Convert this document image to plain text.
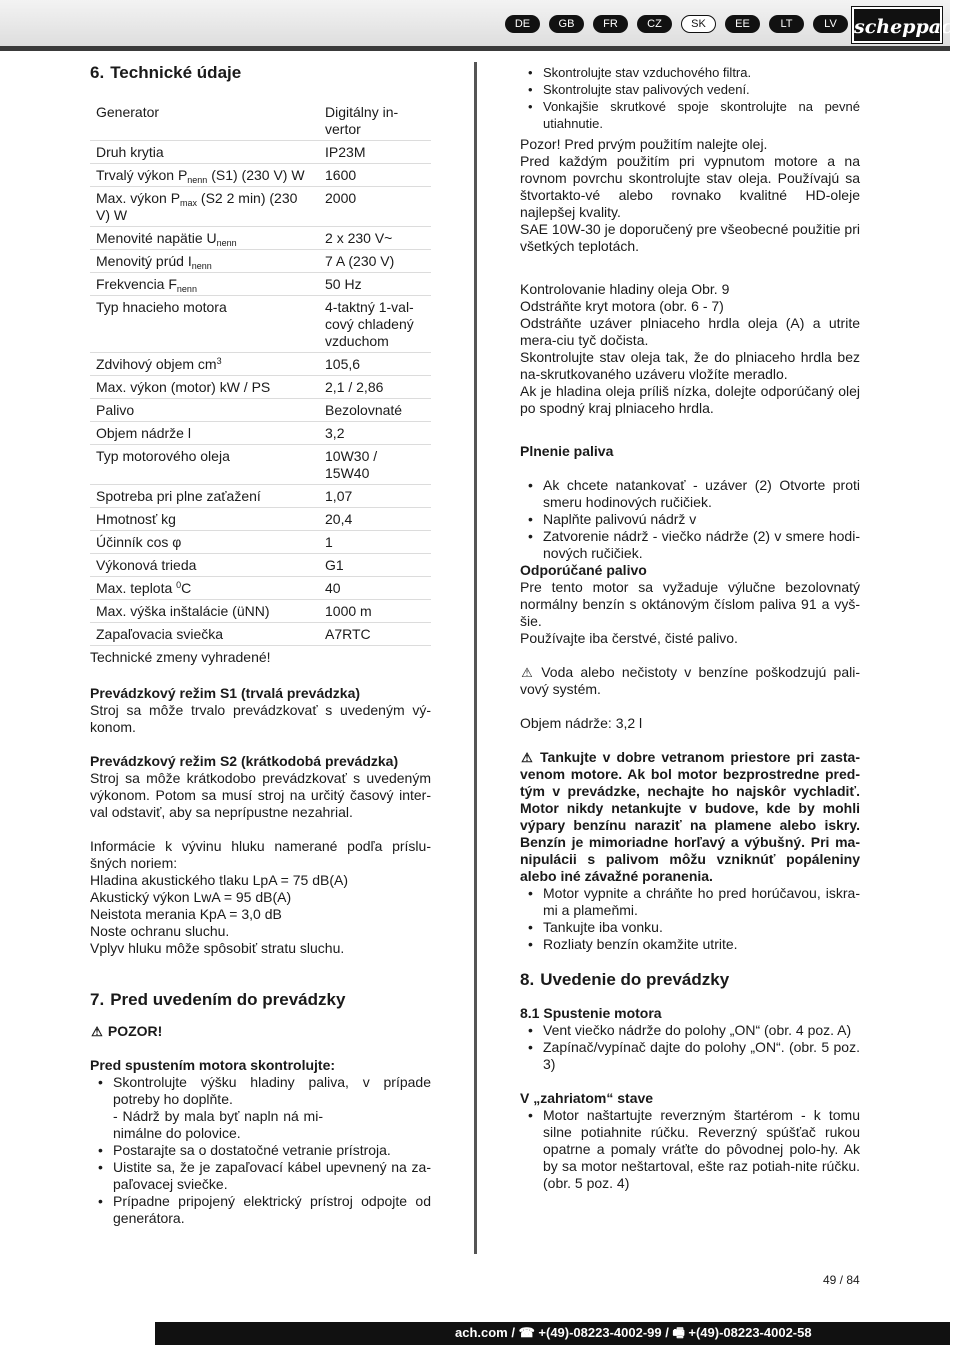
DE	GB	FR	CZ	SK	EE	LT	LV scheppach
6. Technické údaje
Generator	Digitálny in-vertor
Druh krytia	IP23M
Trvalý výkon $P_{nenn}$ (S1) (230 V) W	1600
Max. výkon $P_{max}$ (S2 2 min) (230 V) W	2000
Menovité napätie $U_{nenn}$	2 x 230 V~
Menovitý prúd $I_{nenn}$	7 A (230 V)
Frekvencia $F_{nenn}$	50 Hz
Typ hnacieho motora	4-taktný 1-val-cový chladený vzduchom
Zdvihový objem $cm^3$	105,6
Max. výkon (motor) kW / PS	2,1 / 2,86
Palivo	Bezolovnaté
Objem nádrže l	3,2
Typ motorového oleja	10W30 / 15W40
Spotreba pri plne zaťažení	1,07
Hmotnosť kg	20,4
Účinník cos φ	1
Výkonová trieda	G1
Max. teplota $^0$C	40
Max. výška inštalácie (üNN)	1000 m
Zapaľovacia sviečka	A7RTC

Technické zmeny vyhradené!

Prevádzkový režim S1 (trvalá prevádzka)

Stroj sa môže trvalo prevádzkovať s uvedeným vý-konom.

Prevádzkový režim S2 (krátkodobá prevádzka)

Stroj sa môže krátkodobo prevádzkovať s uvedeným výkonom. Potom sa musí stroj na určitý časový inter-val odstaviť, aby sa neprípustne nezahrial.

Informácie k vývinu hluku namerané podľa príslu-šných noriem:

Hladina akustického tlaku LpA = 75 dB(A)

Akustický výkon LwA = 95 dB(A)

Neistota merania KpA = 3,0 dB

Noste ochranu sluchu.

Vplyv hluku môže spôsobiť stratu sluchu.

7. Pred uvedením do prevádzky

⚠ POZOR!

Pred spustením motora skontrolujte:

• Skontrolujte výšku hladiny paliva, v prípade potreby ho doplňte.

- Nádrž by mala byť napln ná mi-nimálne do polovice.
• Postarajte sa o dostatočné vetranie prístroja.
• Uistite sa, že je zapaľovací kábel upevnený na za-paľovacej sviečke.
• Prípadne pripojený elektrický prístroj odpojte od generátora.
• Skontrolujte stav vzduchového filtra.
• Skontrolujte stav palivových vedení.
• Vonkajšie skrutkové spoje skontrolujte na pevné utiahnutie.

Pozor! Pred prvým použitím nalejte olej.

Pred každým použitím pri vypnutom motore a na rovnom povrchu skontrolujte stav oleja. Používajú sa štvortakto-vé alebo rovnako kvalitné HD-oleje najlepšej kvality.

SAE 10W-30 je doporučený pre všeobecné použitie pri všetkých teplotách.

Kontrolovanie hladiny oleja Obr. 9

Odstráňte kryt motora (obr. 6 - 7)

Odstráňte uzáver plniaceho hrdla oleja (A) a utrite mera-ciu tyč dočista.

Skontrolujte stav oleja tak, že do plniaceho hrdla bez na-skrutkovaného uzáveru vložíte meradlo.

Ak je hladina oleja príliš nízka, dolejte odporúčaný olej po spodný kraj plniaceho hrdla.

Plnenie paliva

• Ak chcete natankovať - uzáver (2) Otvorte proti smeru hodinových ručičiek.
• Naplňte palivovú nádrž v
• Zatvorenie nádrž - viečko nádrže (2) v smere hodi-nových ručičiek.

Odporúčané palivo

Pre tento motor sa vyžaduje výlučne bezolovnatý normálny benzín s oktánovým číslom paliva 91 a vyš-šie.

Používajte iba čerstvé, čisté palivo.

⚠ Voda alebo nečistoty v benzíne poškodzujú pali-vový systém.

Objem nádrže: 3,2 l

⚠ Tankujte v dobre vetranom priestore pri zasta-venom motore. Ak bol motor bezprostredne pred-tým v prevádzke, nechajte ho najskôr vychladiť. Motor nikdy netankujte v budove, kde by mohli výpary benzínu naraziť na plamene alebo iskry. Benzín je mimoriadne horľavý a výbušný. Pri ma-nipulácii s palivom môžu vzniknúť popáleniny alebo iné závažné poranenia.

• Motor vypnite a chráňte ho pred horúčavou, iskra-mi a plameňmi.
• Tankujte iba vonku.
• Rozliaty benzín okamžite utrite.
8. Uvedenie do prevádzky

8.1 Spustenie motora

• Vent viečko nádrže do polohy „ON“ (obr. 4 poz. A)
• Zapínač/vypínač dajte do polohy „ON“. (obr. 5 poz. 3)

V „zahriatom“ stave

• Motor naštartujte reverzným štartérom - k tomu silne potiahnite rúčku. Reverzný spúšťač rukou opatrne a pomaly vráťte do pôvodnej polo-hy. Ak by sa motor neštartoval, ešte raz potiah-nite rúčku. (obr. 5 poz. 4)
49 / 84
ach.com / ☎ +(49)-08223-4002-99 / 🖷 +(49)-08223-4002-58
